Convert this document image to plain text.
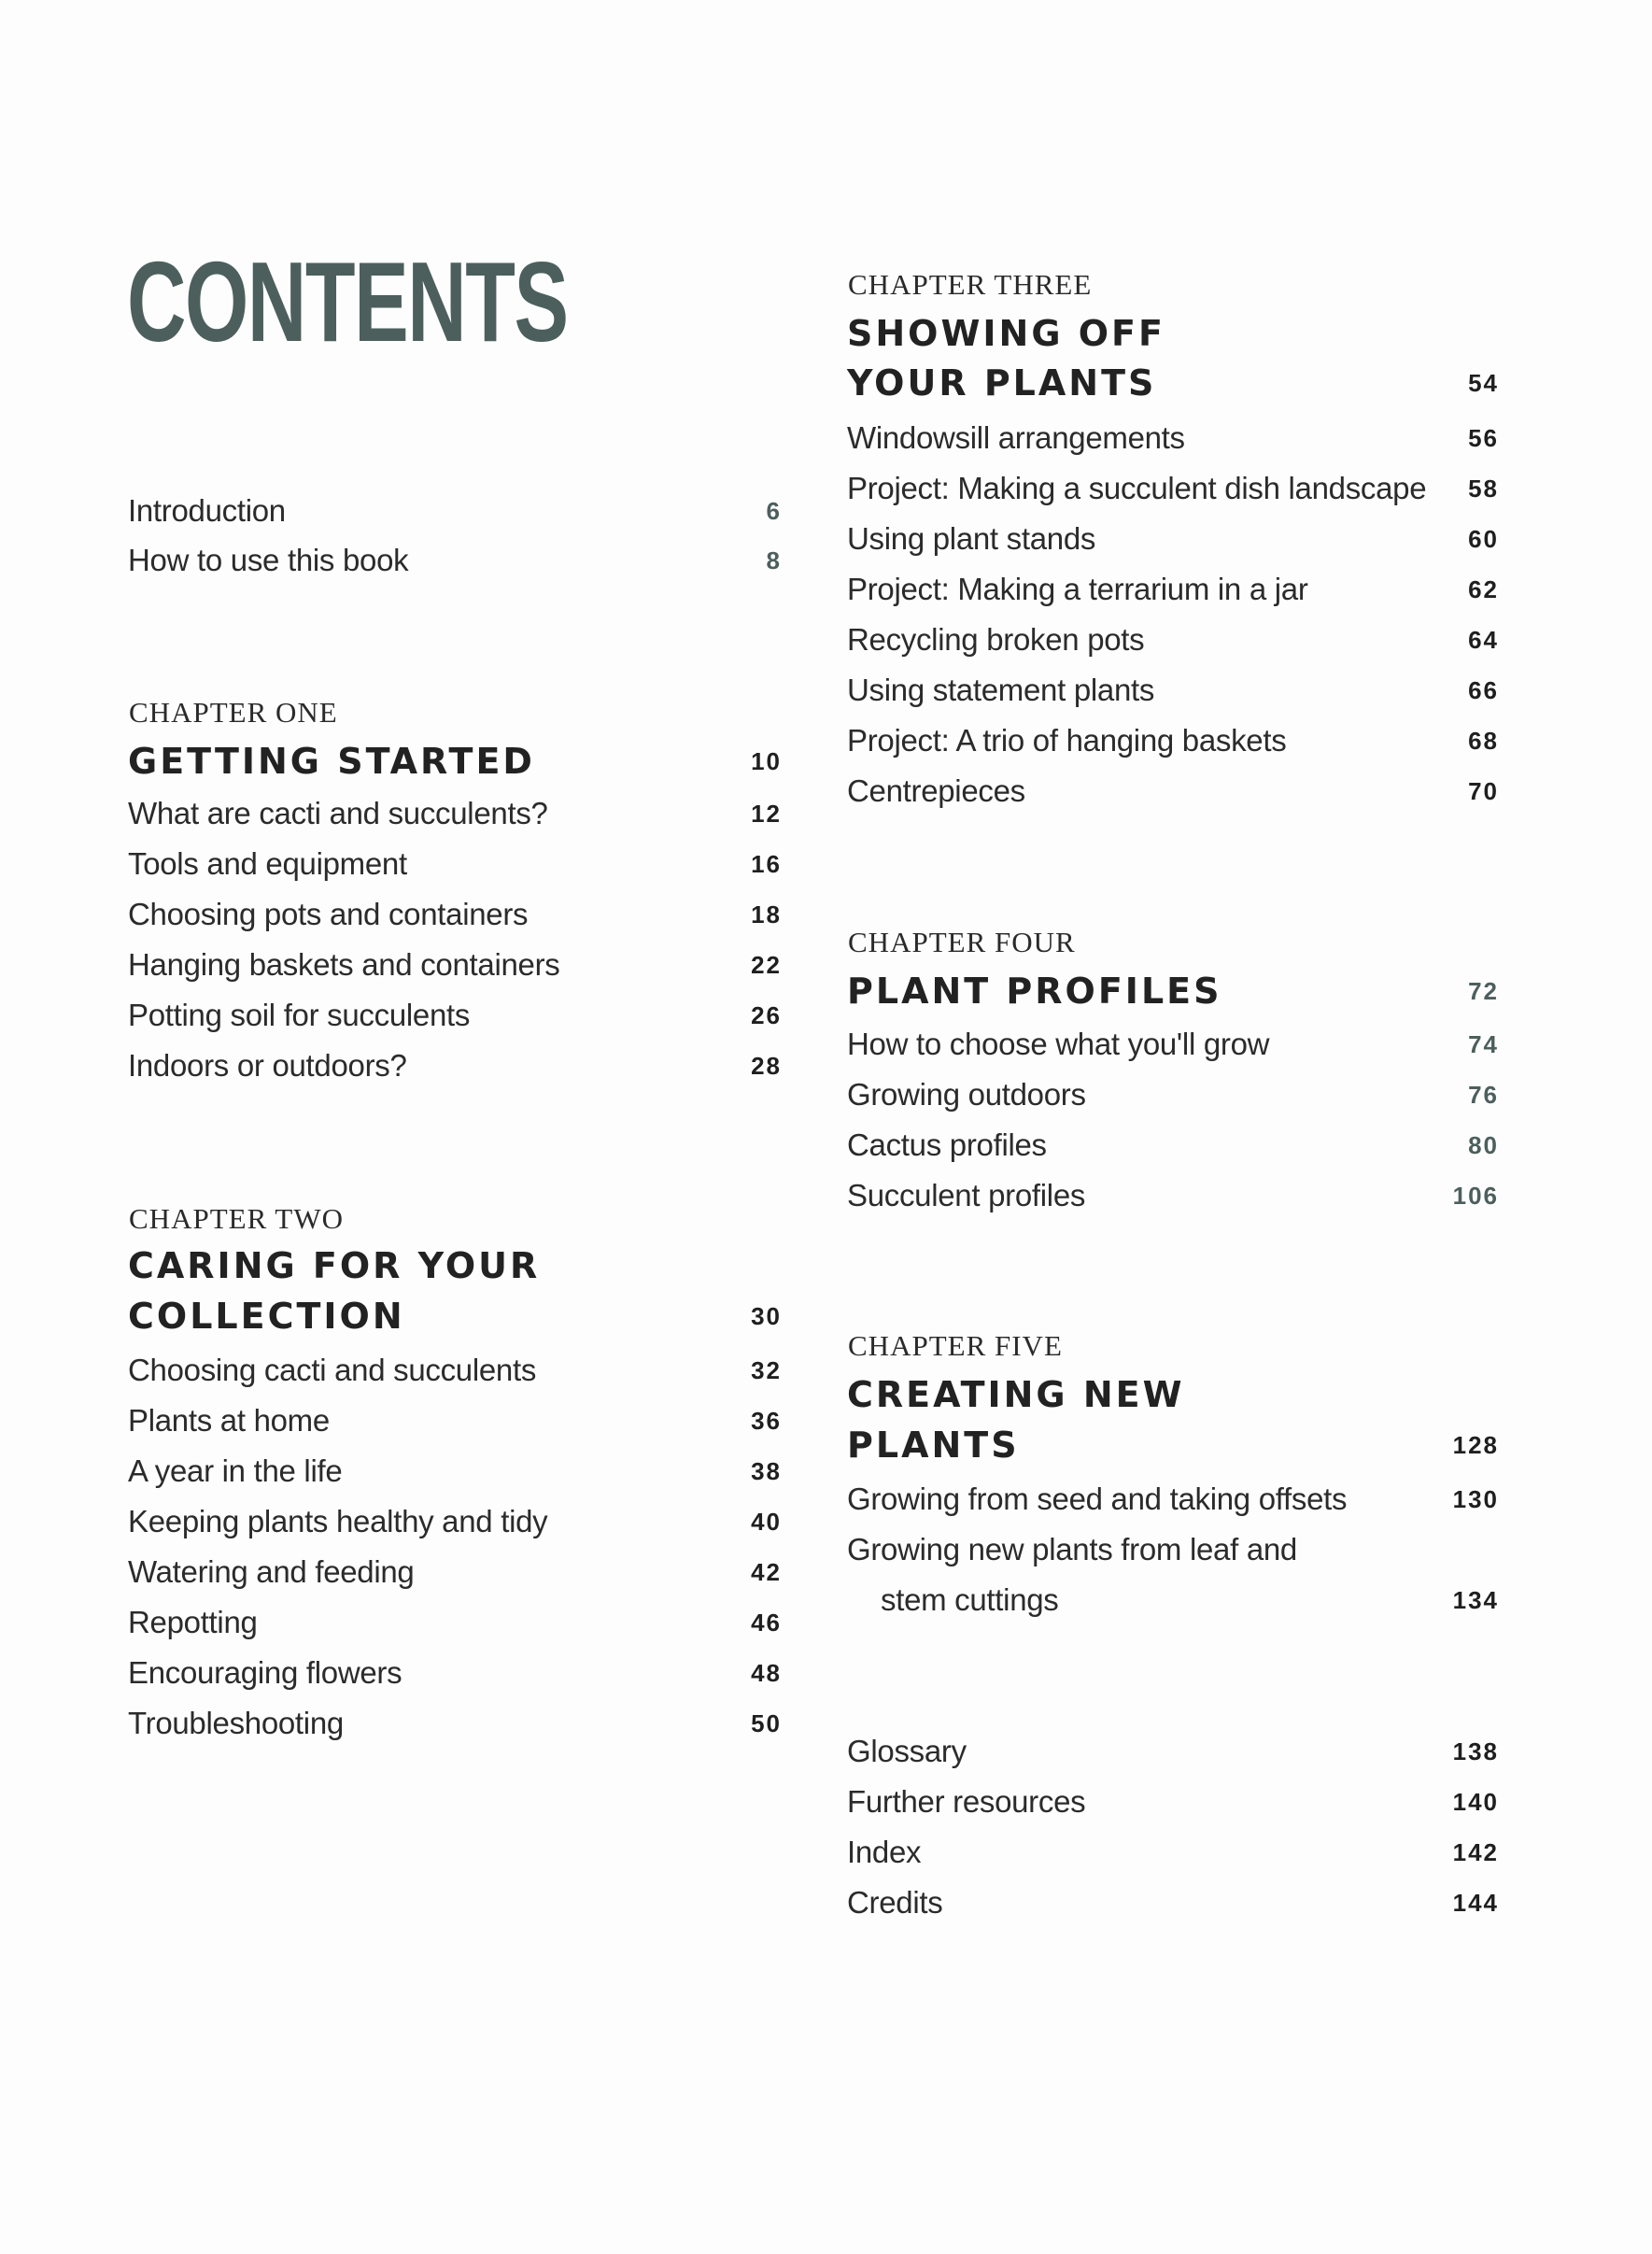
CONTENTS
Introduction	6
How to use this book	8
CHAPTER ONE
GETTING STARTED	10
What are cacti and succulents?	12
Tools and equipment	16
Choosing pots and containers	18
Hanging baskets and containers	22
Potting soil for succulents	26
Indoors or outdoors?	28
CHAPTER THREE
SHOWING OFF
YOUR PLANTS	54
Windowsill arrangements	56
Project: Making a succulent dish landscape 58
Using plant stands	60
Project: Making a terrarium in a jar	62
Recycling broken pots	64
Using statement plants	66
Project: A trio of hanging baskets	68
Centrepieces	70
CHAPTER TWO
CARING FOR YOUR
COLLECTION	30
Choosing cacti and succulents	32
Plants at home	36
A year in the life	38
Keeping plants healthy and tidy	40
Watering and feeding	42
Repotting	46
Encouraging flowers	48
Troubleshooting	50
CHAPTER FOUR
PLANT PROFILES	72
How to choose what you'll grow	74
Growing outdoors	76
Cactus profiles	80
Succulent profiles	106
CHAPTER FIVE
CREATING NEW
PLANTS	128
Growing from seed and taking offsets	130
Growing new plants from leaf and
stem cuttings	134
Glossary	138
Further resources	140
Index	142
Credits	144
